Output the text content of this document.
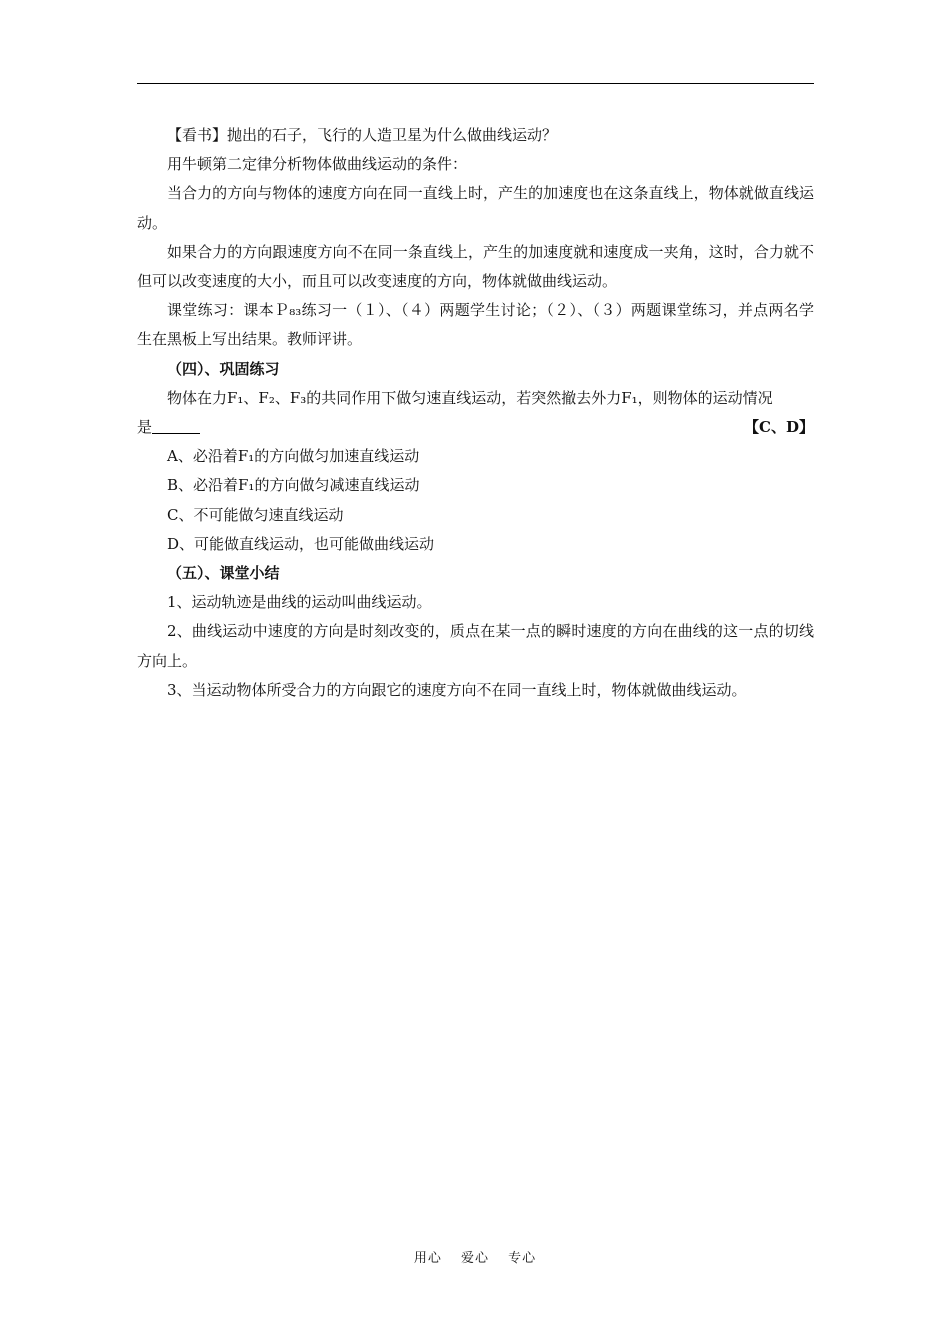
【看书】抛出的石子，飞行的人造卫星为什么做曲线运动？

用牛顿第二定律分析物体做曲线运动的条件：

当合力的方向与物体的速度方向在同一直线上时，产生的加速度也在这条直线上，物体就做直线运动。

如果合力的方向跟速度方向不在同一条直线上，产生的加速度就和速度成一夹角，这时，合力就不但可以改变速度的大小，而且可以改变速度的方向，物体就做曲线运动。

课堂练习：课本Ｐ₈₃练习一（１）、（４）两题学生讨论；（２）、（３）两题课堂练习，并点两名学生在黑板上写出结果。教师评讲。

（四）、巩固练习

物体在力F₁、F₂、F₃的共同作用下做匀速直线运动，若突然撤去外力F₁，则物体的运动情况

是	【C、D】

A、必沿着F₁的方向做匀加速直线运动

B、必沿着F₁的方向做匀减速直线运动

C、不可能做匀速直线运动

D、可能做直线运动，也可能做曲线运动

（五）、课堂小结

1、运动轨迹是曲线的运动叫曲线运动。

2、曲线运动中速度的方向是时刻改变的，质点在某一点的瞬时速度的方向在曲线的这一点的切线方向上。

3、当运动物体所受合力的方向跟它的速度方向不在同一直线上时，物体就做曲线运动。

用心 爱心 专心
